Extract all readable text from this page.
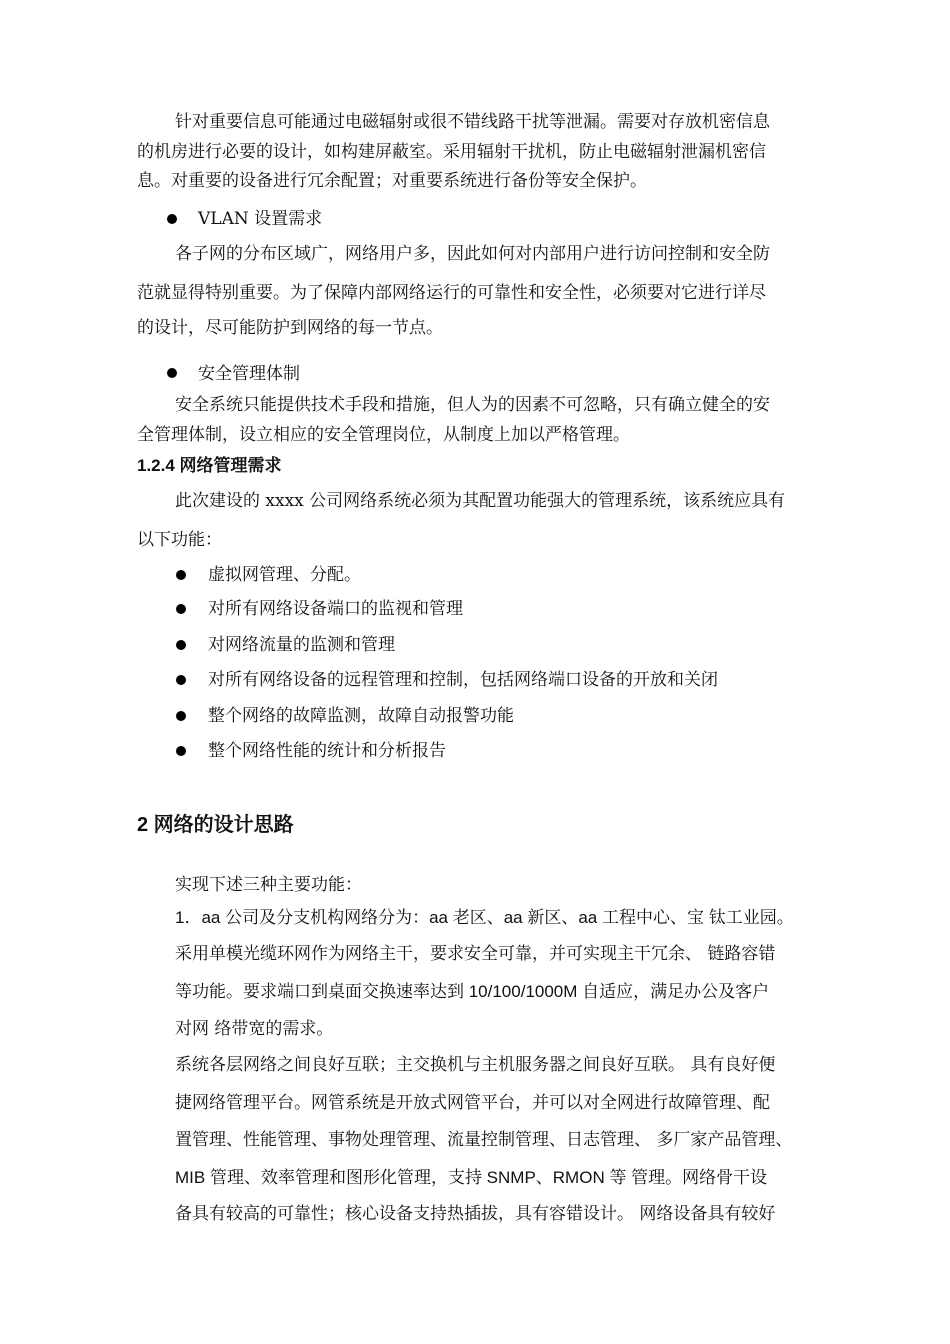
针对重要信息可能通过电磁辐射或很不错线路干扰等泄漏。需要对存放机密信息
的机房进行必要的设计，如构建屏蔽室。采用辐射干扰机，防止电磁辐射泄漏机密信
息。对重要的设备进行冗余配置；对重要系统进行备份等安全保护。
VLAN 设置需求
各子网的分布区域广，网络用户多，因此如何对内部用户进行访问控制和安全防
范就显得特别重要。为了保障内部网络运行的可靠性和安全性，必须要对它进行详尽
的设计，尽可能防护到网络的每一节点。
安全管理体制
安全系统只能提供技术手段和措施，但人为的因素不可忽略，只有确立健全的安
全管理体制，设立相应的安全管理岗位，从制度上加以严格管理。
1.2.4 网络管理需求
此次建设的 xxxx 公司网络系统必须为其配置功能强大的管理系统，该系统应具有
以下功能：
虚拟网管理、分配。
对所有网络设备端口的监视和管理
对网络流量的监测和管理
对所有网络设备的远程管理和控制，包括网络端口设备的开放和关闭
整个网络的故障监测，故障自动报警功能
整个网络性能的统计和分析报告
2 网络的设计思路
实现下述三种主要功能：
1．aa 公司及分支机构网络分为：aa 老区、aa 新区、aa 工程中心、宝 钛工业园。
采用单模光缆环网作为网络主干，要求安全可靠，并可实现主干冗余、 链路容错
等功能。要求端口到桌面交换速率达到 10/100/1000M 自适应，满足办公及客户
对网 络带宽的需求。
系统各层网络之间良好互联；主交换机与主机服务器之间良好互联。 具有良好便
捷网络管理平台。网管系统是开放式网管平台，并可以对全网进行故障管理、配
置管理、性能管理、事物处理管理、流量控制管理、日志管理、 多厂家产品管理、
MIB 管理、效率管理和图形化管理，支持 SNMP、RMON 等 管理。网络骨干设
备具有较高的可靠性；核心设备支持热插拔，具有容错设计。 网络设备具有较好
